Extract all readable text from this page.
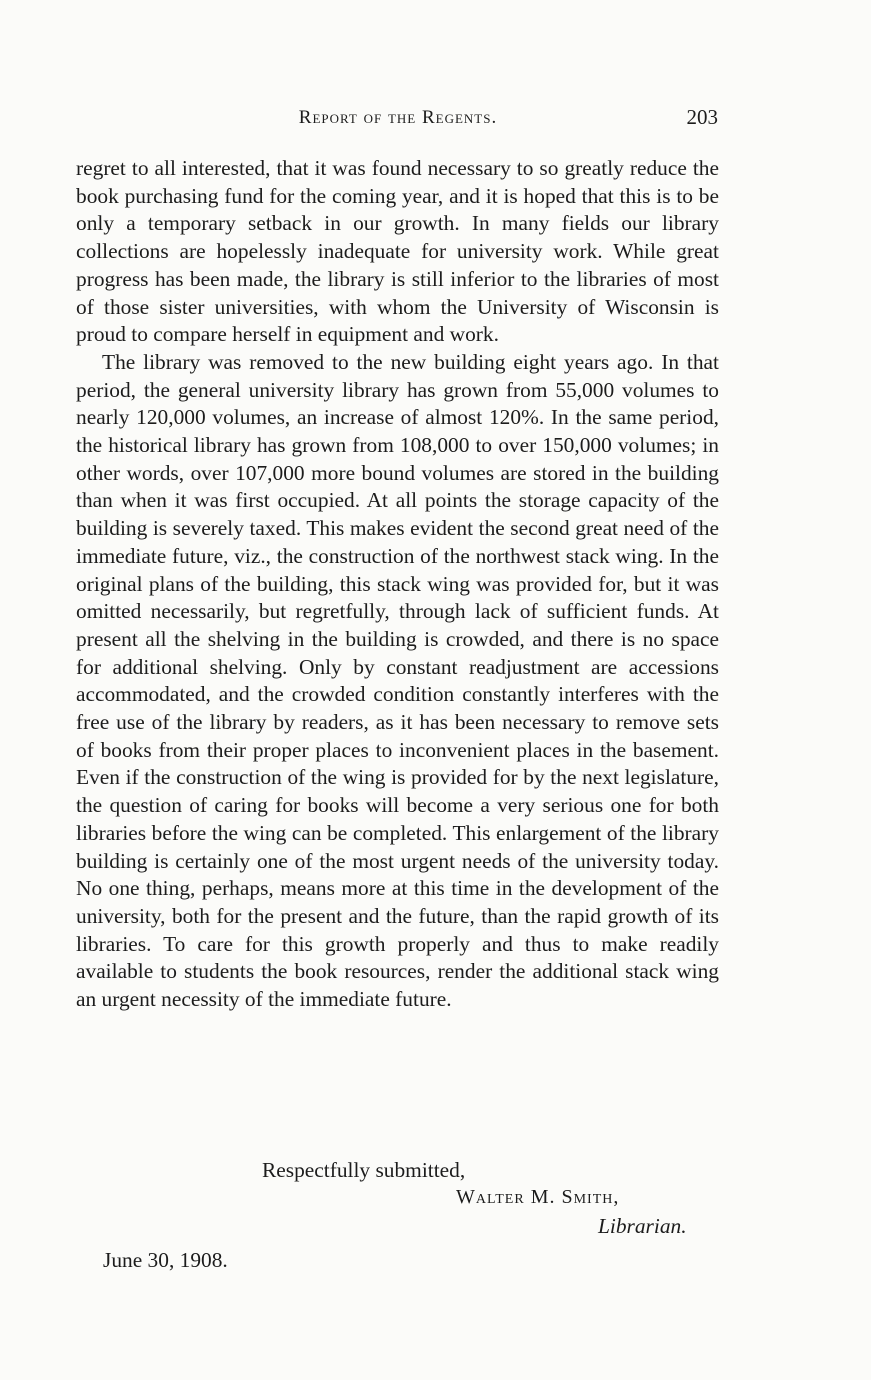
Report of the Regents.	203

regret to all interested, that it was found necessary to so greatly reduce the book purchasing fund for the coming year, and it is hoped that this is to be only a temporary setback in our growth. In many fields our library collections are hopelessly inadequate for university work. While great progress has been made, the library is still inferior to the libraries of most of those sister universities, with whom the University of Wisconsin is proud to compare herself in equipment and work.

The library was removed to the new building eight years ago. In that period, the general university library has grown from 55,000 volumes to nearly 120,000 volumes, an increase of almost 120%. In the same period, the historical library has grown from 108,000 to over 150,000 volumes; in other words, over 107,000 more bound volumes are stored in the building than when it was first occupied. At all points the storage capacity of the building is severely taxed. This makes evident the second great need of the immediate future, viz., the construction of the northwest stack wing. In the original plans of the building, this stack wing was provided for, but it was omitted necessarily, but regretfully, through lack of sufficient funds. At present all the shelving in the building is crowded, and there is no space for additional shelving. Only by constant readjustment are accessions accommodated, and the crowded condition constantly interferes with the free use of the library by readers, as it has been necessary to remove sets of books from their proper places to inconvenient places in the basement. Even if the construction of the wing is provided for by the next legislature, the question of caring for books will become a very serious one for both libraries before the wing can be completed. This enlargement of the library building is certainly one of the most urgent needs of the university today. No one thing, perhaps, means more at this time in the development of the university, both for the present and the future, than the rapid growth of its libraries. To care for this growth properly and thus to make readily available to students the book resources, render the additional stack wing an urgent necessity of the immediate future.

Respectfully submitted,
Walter M. Smith,
Librarian.
June 30, 1908.
